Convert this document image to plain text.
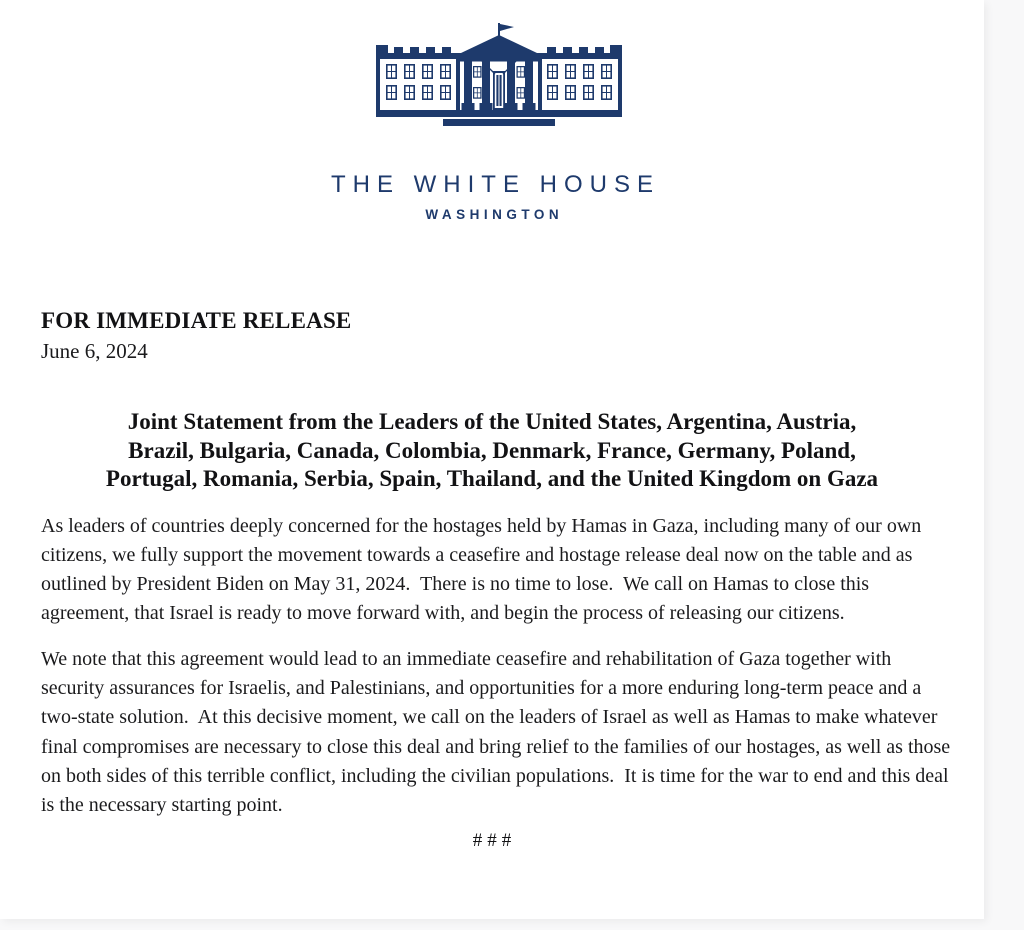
THE WHITE HOUSE
WASHINGTON
FOR IMMEDIATE RELEASE
June 6, 2024
Joint Statement from the Leaders of the United States, Argentina, Austria,
Brazil, Bulgaria, Canada, Colombia, Denmark, France, Germany, Poland,
Portugal, Romania, Serbia, Spain, Thailand, and the United Kingdom on Gaza

As leaders of countries deeply concerned for the hostages held by Hamas in Gaza, including many of our own citizens, we fully support the movement towards a ceasefire and hostage release deal now on the table and as outlined by President Biden on May 31, 2024.  There is no time to lose.  We call on Hamas to close this agreement, that Israel is ready to move forward with, and begin the process of releasing our citizens.

We note that this agreement would lead to an immediate ceasefire and rehabilitation of Gaza together with security assurances for Israelis, and Palestinians, and opportunities for a more enduring long-term peace and a two-state solution.  At this decisive moment, we call on the leaders of Israel as well as Hamas to make whatever final compromises are necessary to close this deal and bring relief to the families of our hostages, as well as those on both sides of this terrible conflict, including the civilian populations.  It is time for the war to end and this deal is the necessary starting point.

###
